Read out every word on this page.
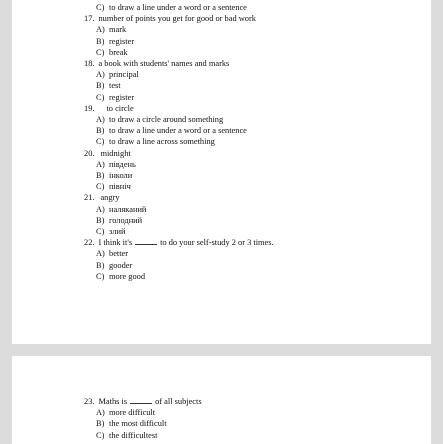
C) to draw a line under a word or a sentence
17. number of points you get for good or bad work
A) mark
B) register
C) break
18. a book with students' names and marks
A) principal
B) test
C) register
19. to circle
A) to draw a circle around something
B) to draw a line under a word or a sentence
C) to draw a line across something
20. midnight
A) південь
B) інколи
C) північ
21. angry
A) наляканий
B) голодний
C) злий
22. I think it's	to do your self-study 2 or 3 times.
A) better
B) gooder
C) more good
23. Maths is	of all subjects
A) more difficult
B) the most difficult
C) the difficultest
